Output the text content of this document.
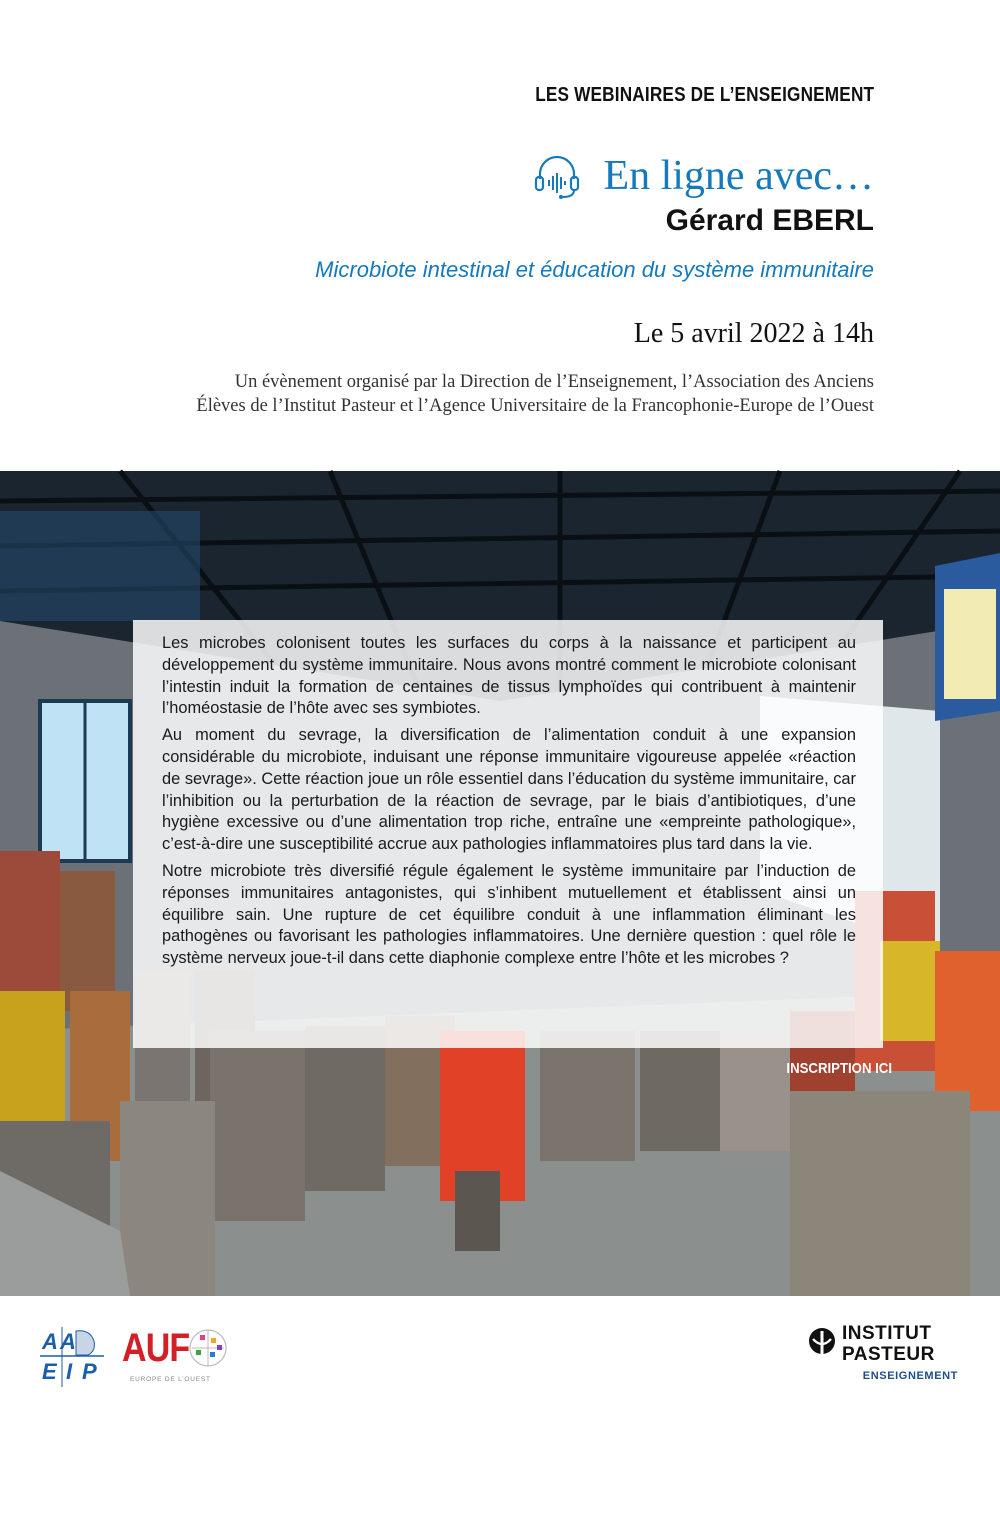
LES WEBINAIRES DE L’ENSEIGNEMENT
En ligne avec…
Gérard EBERL
Microbiote intestinal et éducation du système immunitaire
Le 5 avril 2022 à 14h
Un évènement organisé par la Direction de l’Enseignement, l’Association des Anciens
Élèves de l’Institut Pasteur et l’Agence Universitaire de la Francophonie-Europe de l’Ouest
© Institut Pasteur

Les microbes colonisent toutes les surfaces du corps à la naissance et participent au développement du système immunitaire. Nous avons montré comment le microbiote colonisant l’intestin induit la formation de centaines de tissus lymphoïdes qui contribuent à maintenir l’homéostasie de l’hôte avec ses symbiotes.

Au moment du sevrage, la diversification de l’alimentation conduit à une expansion considérable du microbiote, induisant une réponse immunitaire vigoureuse appelée «réaction de sevrage». Cette réaction joue un rôle essentiel dans l’éducation du système immunitaire, car l’inhibition ou la perturbation de la réaction de sevrage, par le biais d’antibiotiques, d’une hygiène excessive ou d’une alimentation trop riche, entraîne une «empreinte pathologique», c’est-à-dire une susceptibilité accrue aux pathologies inflammatoires plus tard dans la vie.

Notre microbiote très diversifié régule également le système immunitaire par l’induction de réponses immunitaires antagonistes, qui s’inhibent mutuellement et établissent ainsi un équilibre sain. Une rupture de cet équilibre conduit à une inflammation éliminant les pathogènes ou favorisant les pathologies inflammatoires. Une dernière question : quel rôle le système nerveux joue-t-il dans cette diaphonie complexe entre l’hôte et les microbes ?

INSCRIPTION ICI
A A
E I P
AUF
EUROPE DE L’OUEST
INSTITUT
PASTEUR
ENSEIGNEMENT
